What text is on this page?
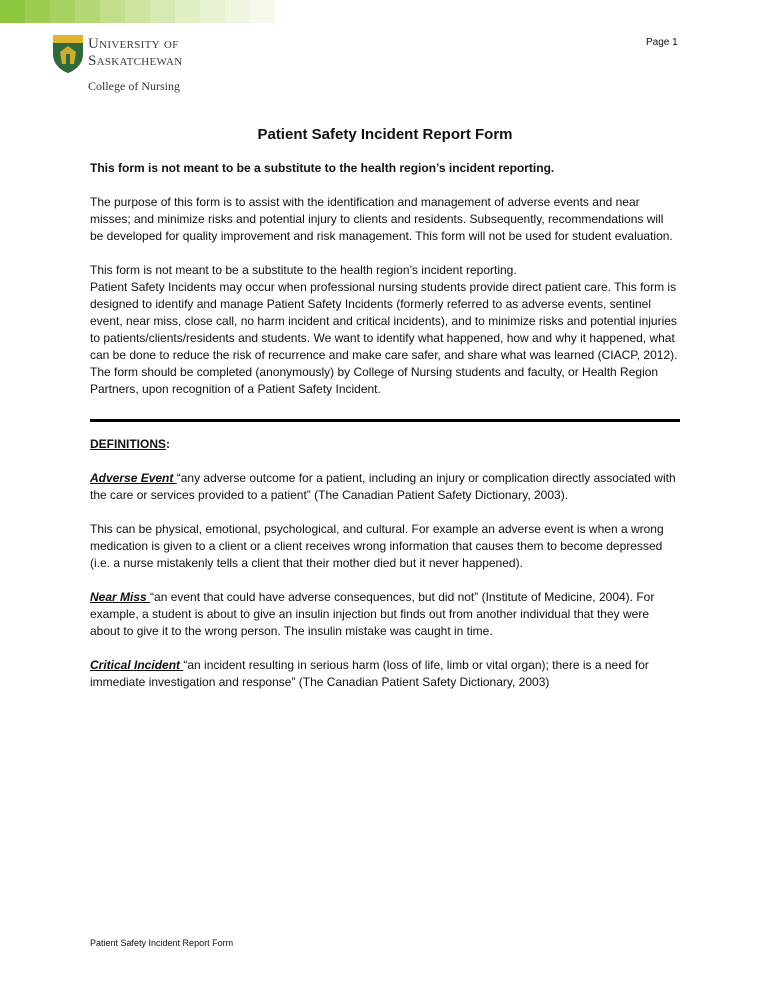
Page 1
University of
Saskatchewan
College of Nursing
Patient Safety Incident Report Form

This form is not meant to be a substitute to the health region’s incident reporting.

The purpose of this form is to assist with the identification and management of adverse events and near misses; and minimize risks and potential injury to clients and residents. Subsequently, recommendations will be developed for quality improvement and risk management. This form will not be used for student evaluation.

This form is not meant to be a substitute to the health region’s incident reporting.
Patient Safety Incidents may occur when professional nursing students provide direct patient care. This form is designed to identify and manage Patient Safety Incidents (formerly referred to as adverse events, sentinel event, near miss, close call, no harm incident and critical incidents), and to minimize risks and potential injuries to patients/clients/residents and students. We want to identify what happened, how and why it happened, what can be done to reduce the risk of recurrence and make care safer, and share what was learned (CIACP, 2012). The form should be completed (anonymously) by College of Nursing students and faculty, or Health Region Partners, upon recognition of a Patient Safety Incident.

DEFINITIONS:

Adverse Event “any adverse outcome for a patient, including an injury or complication directly associated with the care or services provided to a patient” (The Canadian Patient Safety Dictionary, 2003).

This can be physical, emotional, psychological, and cultural. For example an adverse event is when a wrong medication is given to a client or a client receives wrong information that causes them to become depressed (i.e. a nurse mistakenly tells a client that their mother died but it never happened).

Near Miss “an event that could have adverse consequences, but did not” (Institute of Medicine, 2004). For example, a student is about to give an insulin injection but finds out from another individual that they were about to give it to the wrong person. The insulin mistake was caught in time.

Critical Incident “an incident resulting in serious harm (loss of life, limb or vital organ); there is a need for immediate investigation and response” (The Canadian Patient Safety Dictionary, 2003)

Patient Safety Incident Report Form
